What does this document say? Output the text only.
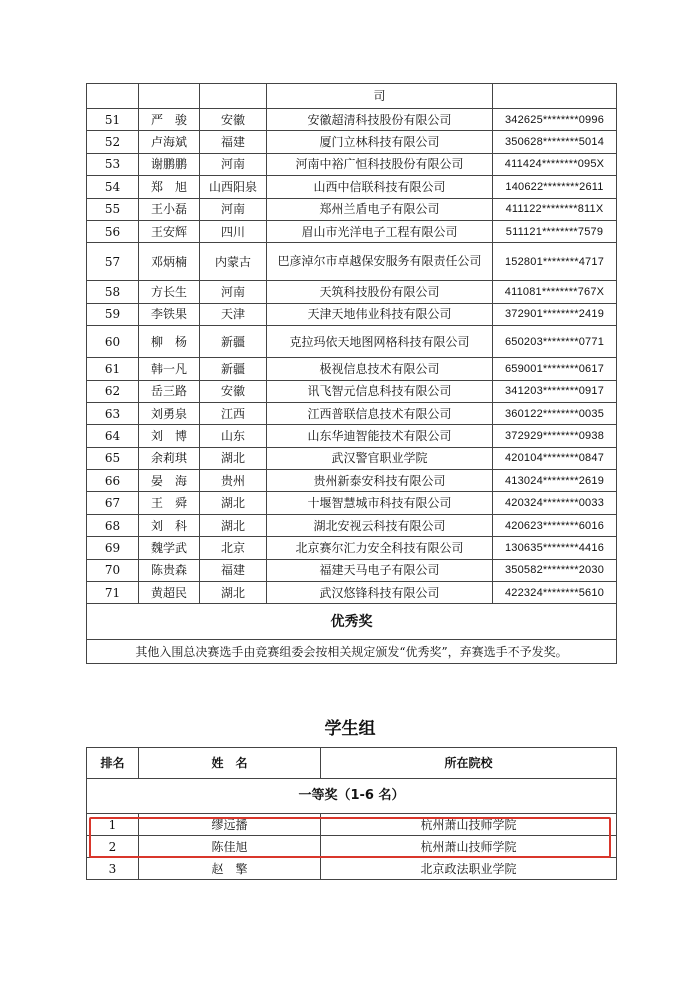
			司	
51	严　骏	安徽	安徽超清科技股份有限公司	342625********0996
52	卢海斌	福建	厦门立林科技有限公司	350628********5014
53	谢鹏鹏	河南	河南中裕广恒科技股份有限公司	411424********095X
54	郑　旭	山西阳泉	山西中信联科技有限公司	140622********2611
55	王小磊	河南	郑州兰盾电子有限公司	411122********811X
56	王安辉	四川	眉山市光洋电子工程有限公司	511121********7579
57	邓炳楠	内蒙古	巴彦淖尔市卓越保安服务有限责任公司	152801********4717
58	方长生	河南	天筑科技股份有限公司	411081********767X
59	李铁果	天津	天津天地伟业科技有限公司	372901********2419
60	柳　杨	新疆	克拉玛依天地图网格科技有限公司	650203********0771
61	韩一凡	新疆	极视信息技术有限公司	659001********0617
62	岳三路	安徽	讯飞智元信息科技有限公司	341203********0917
63	刘勇泉	江西	江西普联信息技术有限公司	360122********0035
64	刘　博	山东	山东华迪智能技术有限公司	372929********0938
65	余莉琪	湖北	武汉警官职业学院	420104********0847
66	晏　海	贵州	贵州新泰安科技有限公司	413024********2619
67	王　舜	湖北	十堰智慧城市科技有限公司	420324********0033
68	刘　科	湖北	湖北安视云科技有限公司	420623********6016
69	魏学武	北京	北京赛尔汇力安全科技有限公司	130635********4416
70	陈贵森	福建	福建天马电子有限公司	350582********2030
71	黄超民	湖北	武汉悠锋科技有限公司	422324********5610
优秀奖				
其他入围总决赛选手由竞赛组委会按相关规定颁发“优秀奖”，弃赛选手不予发奖。				
学生组
排名	姓　名	所在院校
一等奖（1-6 名）		
1	缪远播	杭州萧山技师学院
2	陈佳旭	杭州萧山技师学院
3	赵　擎	北京政法职业学院
